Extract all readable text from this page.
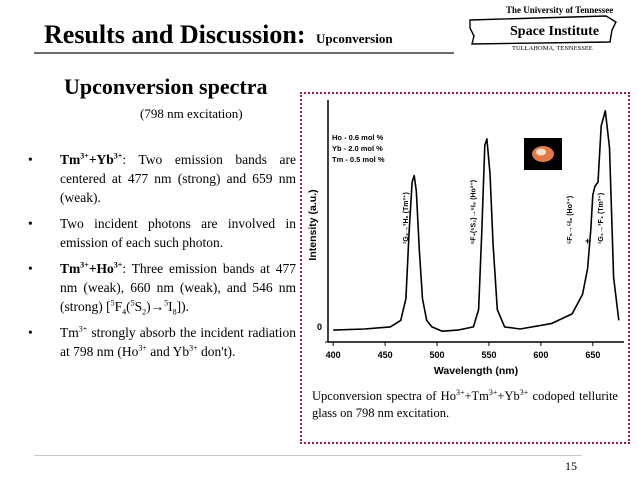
Results and Discussion: Upconversion
The University of Tennessee
Space Institute
TULLAHOMA, TENNESSEE
Upconversion spectra
(798 nm excitation)
• $Tm^{3+}+Yb^{3+}$: Two emission bands are centered at 477 nm (strong) and 659 nm (weak).
• Two incident photons are involved in emission of each such photon.
• $Tm^{3+}+Ho^{3+}$: Three emission bands at 477 nm (weak), 660 nm (weak), and 546 nm (strong) $[^5F_4(^5S_2)\to^5I_8]$).
• $Tm^{3+}$ strongly absorb the incident radiation at 798 nm ($Ho^{3+}$ and $Yb^{3+}$ don't).	400	450	500	550	600	650
0
Wavelength (nm)
Intensity (a.u.)	¹G₄→³H₆ (Tm³⁺)	⁵F₄(⁵S₂)→⁵I₈ (Ho³⁺)	⁵F₅→⁵I₈ (Ho³⁺) + ¹G₄→³F₄ (Tm³⁺)
Ho - 0.6 mol %
Yb - 2.0 mol %
Tm - 0.5 mol %
Upconversion spectra of $Ho^{3+}+Tm^{3+}+Yb^{3+}$ codoped tellurite glass on 798 nm excitation.
15
